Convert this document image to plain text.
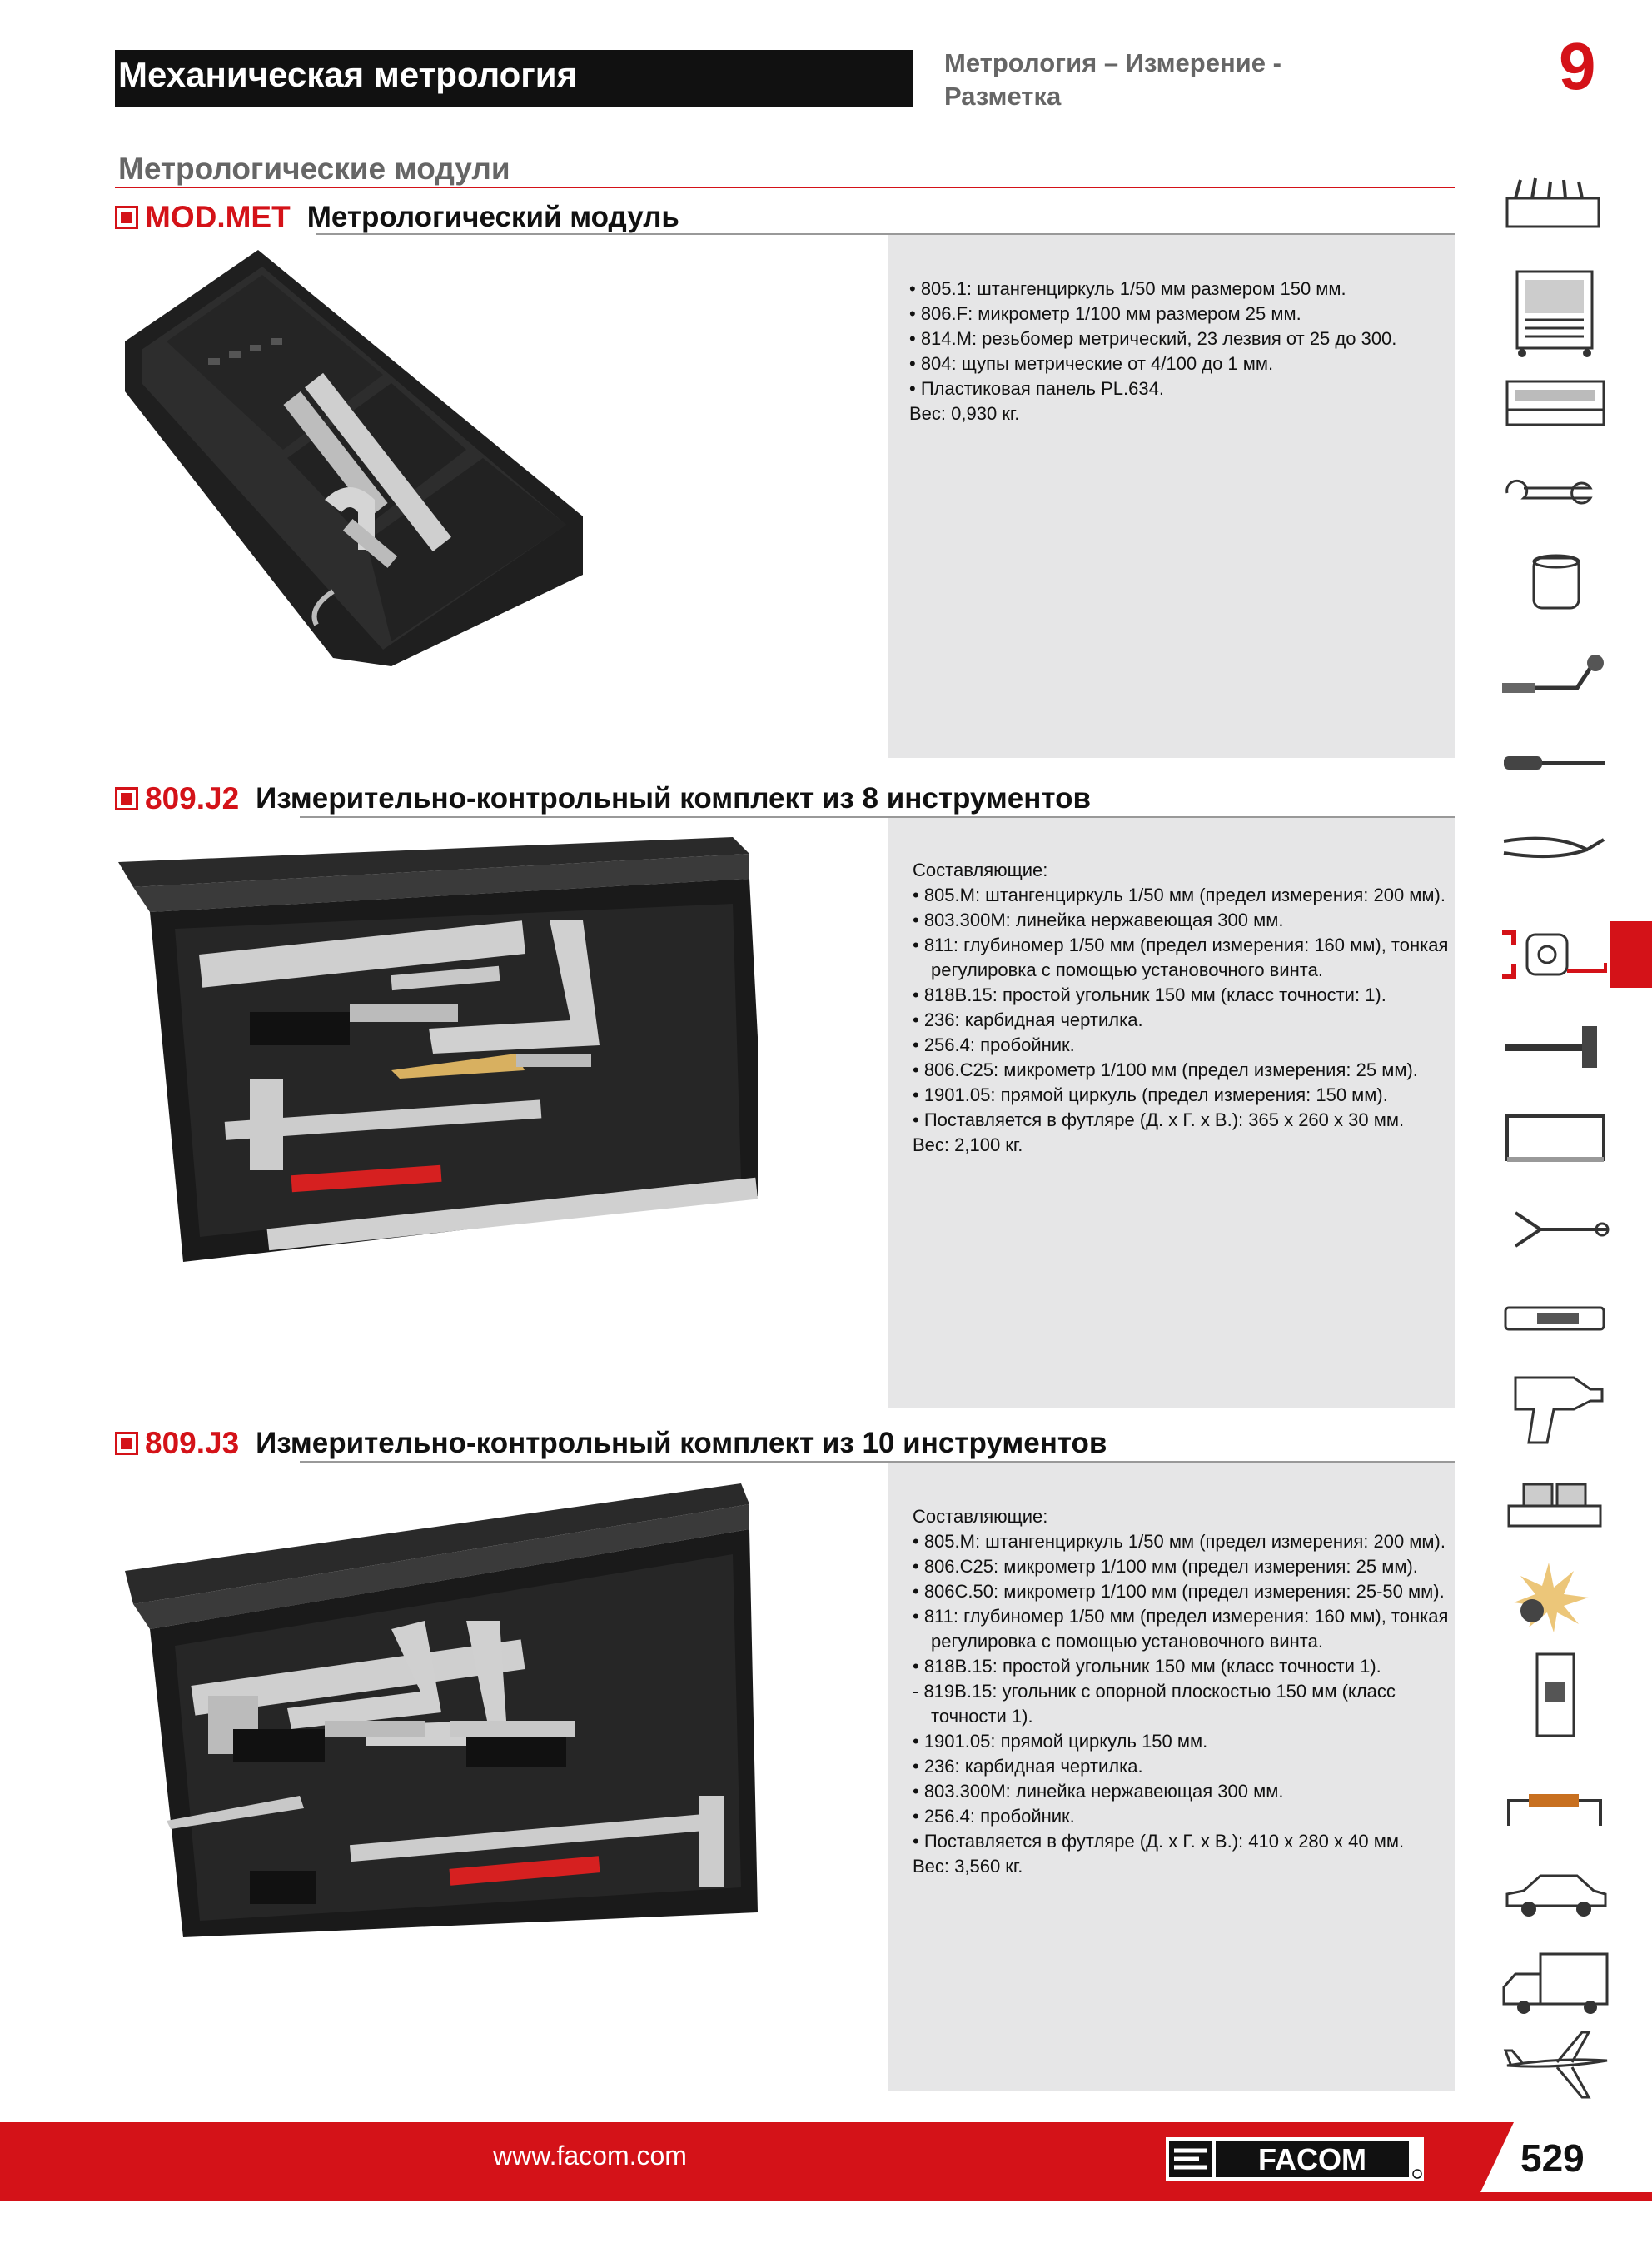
Механическая метрология	Метрология – Измерение -
Разметка	9
Метрологические модули
MOD.MET Метрологический модуль
• 805.1: штангенциркуль 1/50 мм размером 150 мм.
• 806.F: микрометр 1/100 мм размером 25 мм.
• 814.M: резьбомер метрический, 23 лезвия от 25 до 300.
• 804: щупы метрические от 4/100 до 1 мм.
• Пластиковая панель PL.634.
Вес: 0,930 кг.
809.J2 Измерительно-контрольный комплект из 8 инструментов
Составляющие:
• 805.M: штангенциркуль 1/50 мм (предел измерения: 200 мм).
• 803.300M: линейка нержавеющая 300 мм.
• 811: глубиномер 1/50 мм (предел измерения: 160 мм), тонкая
регулировка с помощью установочного винта.
• 818B.15: простой угольник 150 мм (класс точности: 1).
• 236: карбидная чертилка.
• 256.4: пробойник.
• 806.C25: микрометр 1/100 мм (предел измерения: 25 мм).
• 1901.05: прямой циркуль (предел измерения: 150 мм).
• Поставляется в футляре (Д. х Г. х В.): 365 х 260 х 30 мм.
Вес: 2,100 кг.
809.J3 Измерительно-контрольный комплект из 10 инструментов
Составляющие:
• 805.M: штангенциркуль 1/50 мм (предел измерения: 200 мм).
• 806.C25: микрометр 1/100 мм (предел измерения: 25 мм).
• 806C.50: микрометр 1/100 мм (предел измерения: 25-50 мм).
• 811: глубиномер 1/50 мм (предел измерения: 160 мм), тонкая
регулировка с помощью установочного винта.
• 818B.15: простой угольник 150 мм (класс точности 1).
- 819B.15: угольник с опорной плоскостью 150 мм (класс
точности 1).
• 1901.05: прямой циркуль 150 мм.
• 236: карбидная чертилка.
• 803.300M: линейка нержавеющая 300 мм.
• 256.4: пробойник.
• Поставляется в футляре (Д. х Г. х В.): 410 х 280 х 40 мм.
Вес: 3,560 кг.
www.facom.com	FACOM	529
